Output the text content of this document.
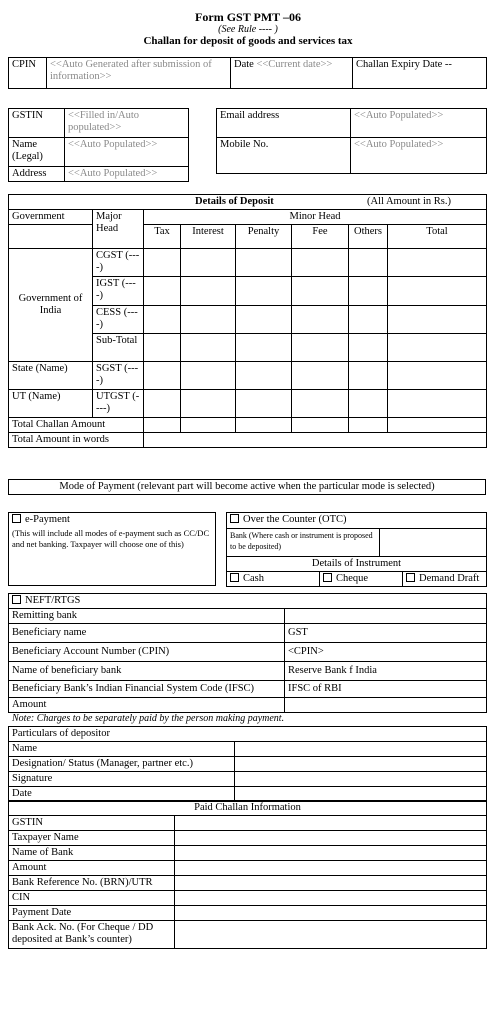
Form GST PMT –06
(See Rule ---- )
Challan for deposit of goods and services tax
CPIN	<<Auto Generated after submission of information>>	Date <<Current date>>	Challan Expiry Date --
GSTIN	<<Filled in/Auto populated>>
Name (Legal)	<<Auto Populated>>
Address	<<Auto Populated>>
Email address	<<Auto Populated>>
Mobile No.	<<Auto Populated>>
Details of Deposit (All Amount in Rs.)							

Government	Major Head	Minor Head					
		Tax	Interest	Penalty	Fee	Others	Total
Government of India	CGST (----)						
	IGST (----)						
	CESS (----)						
	Sub-Total						
State (Name)	SGST (----)						
UT (Name)	UTGST (----)						
Total Challan Amount							
Total Amount in words							
Mode of Payment (relevant part will become active when the particular mode is selected)
e-Payment
(This will include all modes of e-payment such as CC/DC and net banking. Taxpayer will choose one of this)
Over the Counter (OTC)
Bank (Where cash or instrument is proposed to be deposited)	
Details of Instrument

Cash	Cheque	Demand Draft
NEFT/RTGS	
Remitting bank	
Beneficiary name	GST
Beneficiary Account Number (CPIN)	<CPIN>
Name of beneficiary bank	Reserve Bank f India
Beneficiary Bank’s Indian Financial System Code (IFSC)	IFSC of RBI
Amount	
Note: Charges to be separately paid by the person making payment.
Particulars of depositor	
Name	
Designation/ Status (Manager, partner etc.)	
Signature	
Date	
Paid Challan Information	
GSTIN	
Taxpayer Name	
Name of Bank	
Amount	
Bank Reference No. (BRN)/UTR	
CIN	
Payment Date	
Bank Ack. No. (For Cheque / DD deposited at Bank’s counter)	
